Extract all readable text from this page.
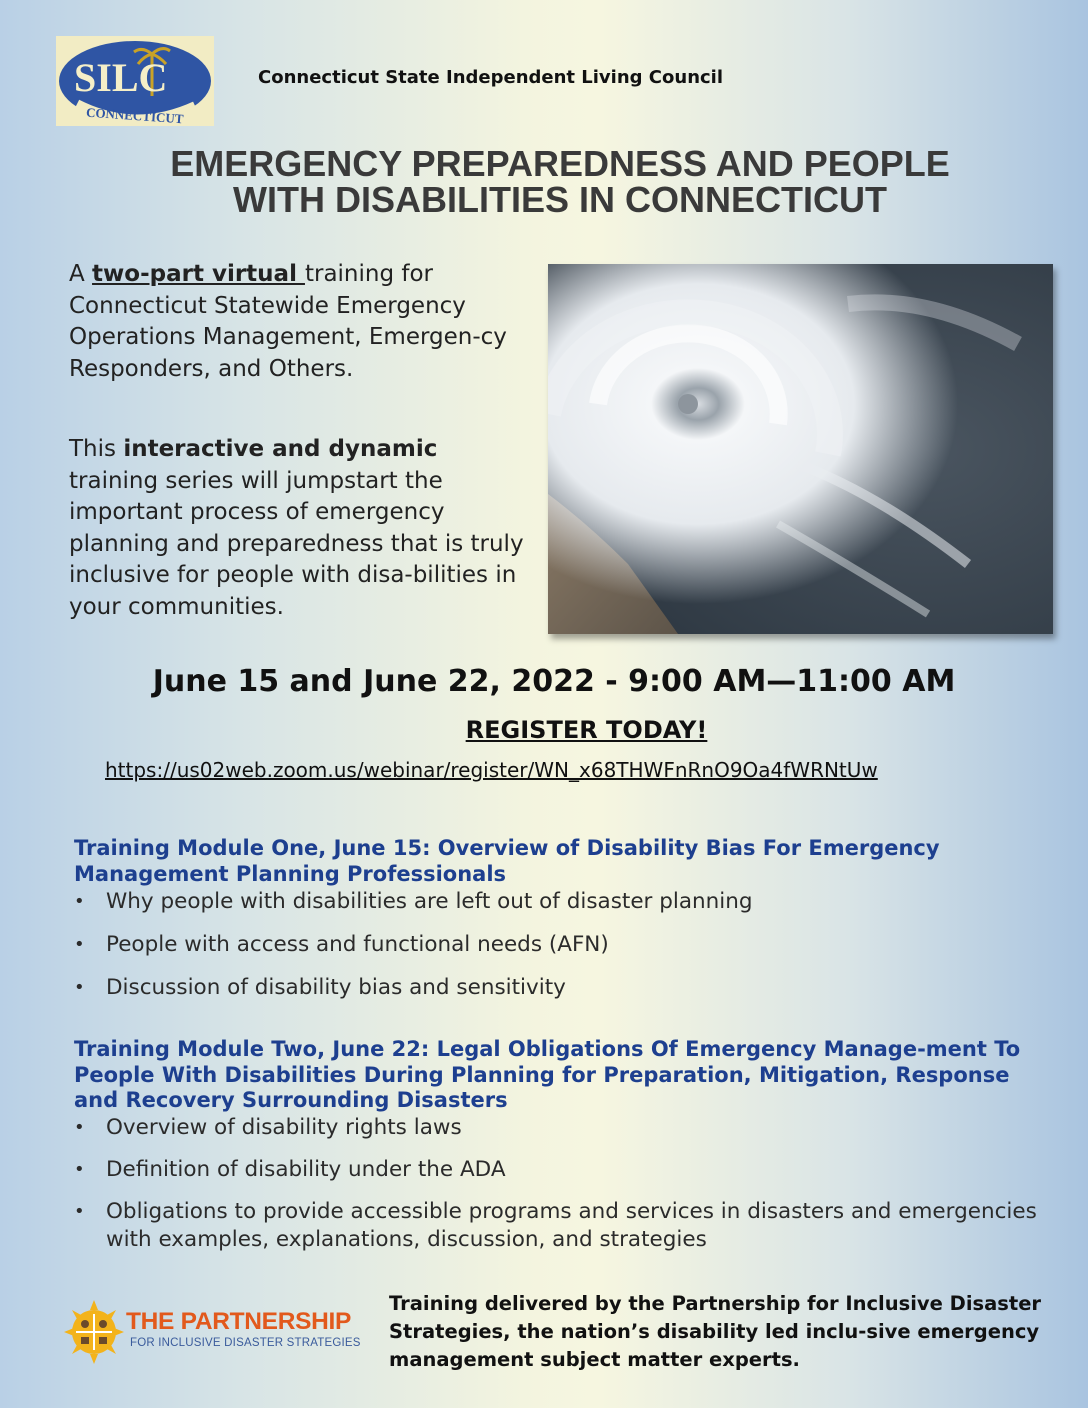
SILC
CONNECTICUT
Connecticut State Independent Living Council
EMERGENCY PREPAREDNESS AND PEOPLE
WITH DISABILITIES IN CONNECTICUT
A two-part virtual training for Connecticut Statewide Emergency Operations Management, Emergen-cy Responders, and Others.
This interactive and dynamic training series will jumpstart the important process of emergency planning and preparedness that is truly inclusive for people with disa-bilities in your communities.
June 15 and June 22, 2022 - 9:00 AM—11:00 AM
REGISTER TODAY!
https://us02web.zoom.us/webinar/register/WN_x68THWFnRnO9Oa4fWRNtUw
Training Module One, June 15: Overview of Disability Bias For Emergency Management Planning Professionals
• Why people with disabilities are left out of disaster planning
• People with access and functional needs (AFN)
• Discussion of disability bias and sensitivity
Training Module Two, June 22: Legal Obligations Of Emergency Manage-ment To People With Disabilities During Planning for Preparation, Mitigation, Response and Recovery Surrounding Disasters
• Overview of disability rights laws
• Definition of disability under the ADA
• Obligations to provide accessible programs and services in disasters and emergencies with examples, explanations, discussion, and strategies
THE PARTNERSHIP
FOR INCLUSIVE DISASTER STRATEGIES
Training delivered by the Partnership for Inclusive Disaster Strategies, the nation’s disability led inclu-sive emergency management subject matter experts.
